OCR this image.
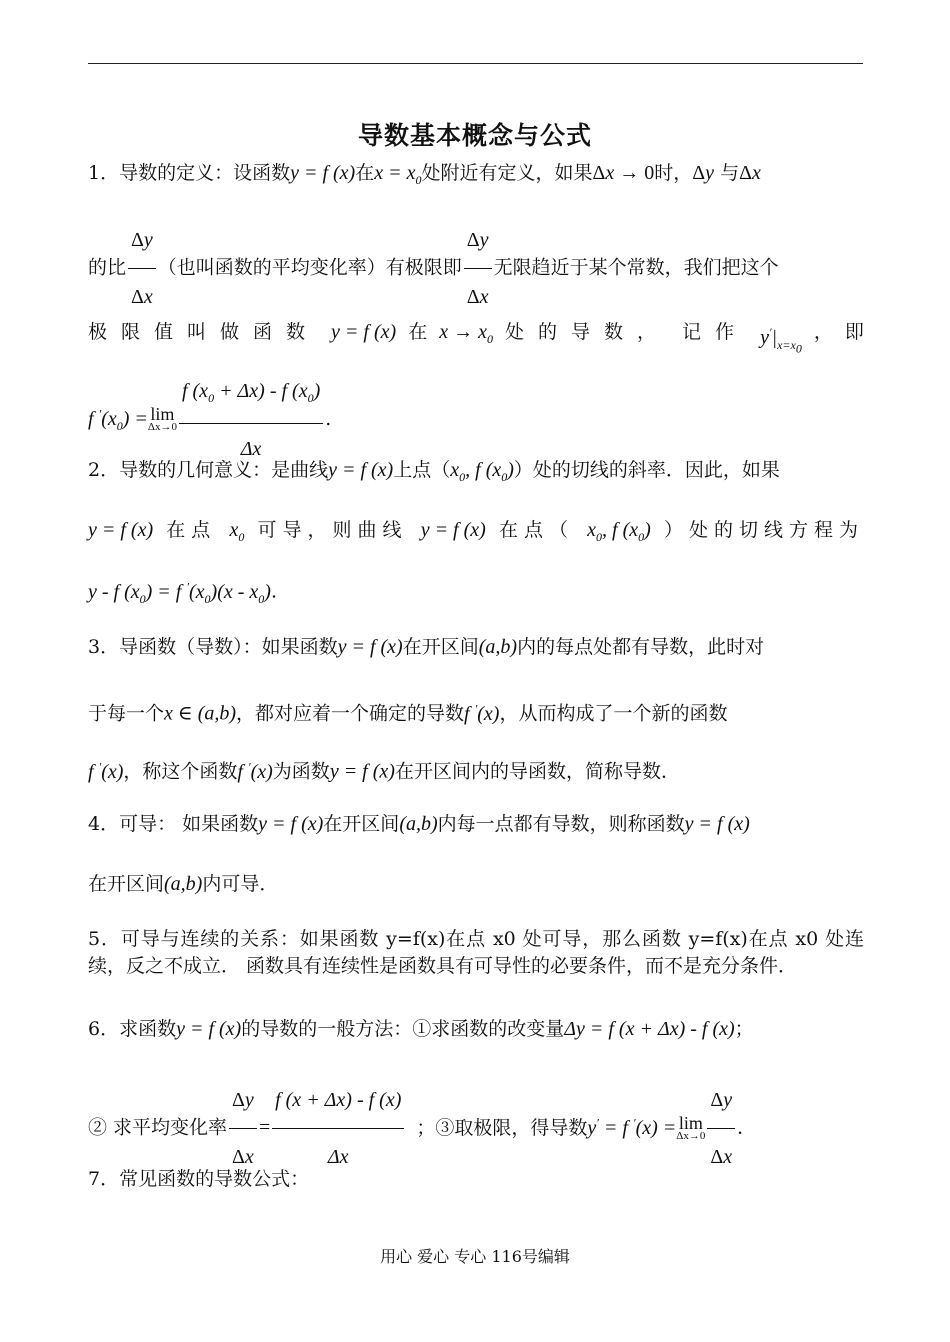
导数基本概念与公式
1．导数的定义：设函数y = f (x)在$x = x_0$处附近有定义，如果Δx → 0时，Δy 与Δx
的比 $\frac{\Delta y}{\Delta x}$ （也叫函数的平均变化率）有极限即 $\frac{\Delta y}{\Delta x}$ 无限趋近于某个常数，我们把这个
极限值叫做函数 y = f (x) 在 $x \to x_0$ 处的导数， 记作 $y'|_{x=x_0}$
， 即
f $'(x_0) = \lim$
$\Delta x\to 0 \frac{f (x_0 + \Delta x) - f (x_0)}{\Delta x}$ .
2．导数的几何意义：是曲线y = f (x)上点（$x_0$, f $(x_0)$）处的切线的斜率．因此，如果
y = f (x) 在点 $x_0$ 可导，则曲线 y = f (x) 在点（ $x_0$, f $(x_0)$ ）处的切线方程为
y - f $(x_0) = f$ $'(x_0)(x - x_0)$.
3．导函数（导数）：如果函数y = f (x)在开区间(a,b)内的每点处都有导数，此时对
于每一个x ∈ (a,b)，都对应着一个确定的导数f ′(x)，从而构成了一个新的函数
f ′(x)，称这个函数f ′(x)为函数y = f (x)在开区间内的导函数，简称导数．
4．可导： 如果函数y = f (x)在开区间(a,b)内每一点都有导数，则称函数y = f (x)
在开区间(a,b)内可导．
5．可导与连续的关系：如果函数 y=f(x)在点 x0 处可导，那么函数 y=f(x)在点 x0 处连续，反之不成立． 函数具有连续性是函数具有可导性的必要条件，而不是充分条件．
6．求函数y = f (x)的导数的一般方法：①求函数的改变量Δy = f (x + Δx) - f (x)；
② 求平均变化率 $\frac{\Delta y}{\Delta x} = \frac{f (x + \Delta x) - f (x)}{\Delta x}$ ；③取极限，得导数y′ = f ′(x) = lim
$\Delta x\to 0 \frac{\Delta y}{\Delta x}$ ．
7．常见函数的导数公式：
用心 爱心 专心 116号编辑
